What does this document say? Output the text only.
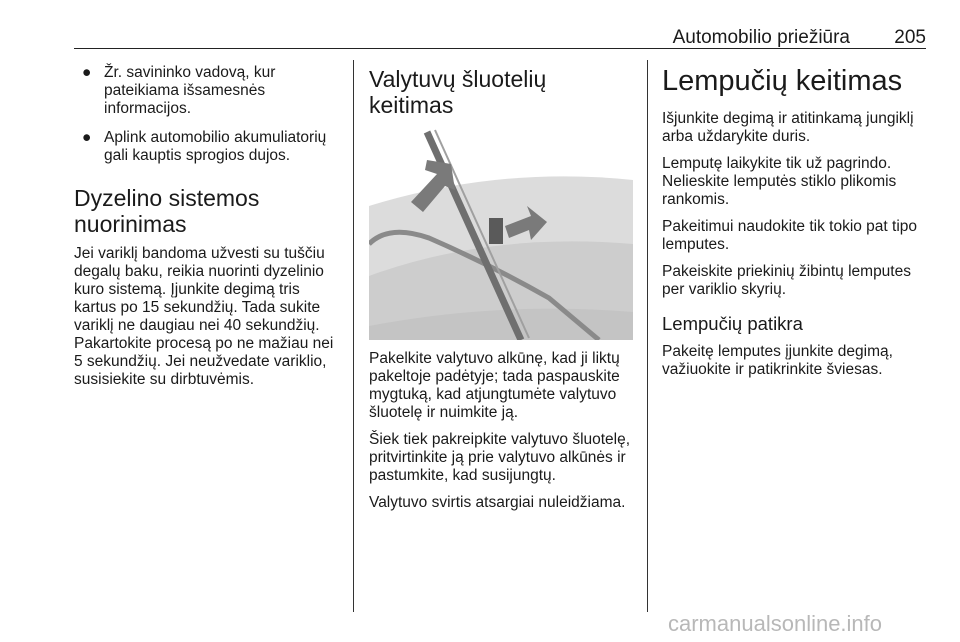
Automobilio priežiūra	205
● Žr. savininko vadovą, kur pateikiama išsamesnės informacijos.
● Aplink automobilio akumuliatorių gali kauptis sprogios dujos.
Dyzelino sistemos nuorinimas

Jei variklį bandoma užvesti su tuščiu degalų baku, reikia nuorinti dyzelinio kuro sistemą. Įjunkite degimą tris kartus po 15 sekundžių. Tada sukite variklį ne daugiau nei 40 sekundžių. Pakartokite procesą po ne mažiau nei 5 sekundžių. Jei neužvedate variklio, susisiekite su dirbtuvėmis.

Valytuvų šluotelių keitimas

Pakelkite valytuvo alkūnę, kad ji liktų pakeltoje padėtyje; tada paspauskite mygtuką, kad atjungtumėte valytuvo šluotelę ir nuimkite ją.

Šiek tiek pakreipkite valytuvo šluotelę, pritvirtinkite ją prie valytuvo alkūnės ir pastumkite, kad susijungtų.

Valytuvo svirtis atsargiai nuleidžiama.

Lempučių keitimas

Išjunkite degimą ir atitinkamą jungiklį arba uždarykite duris.

Lemputę laikykite tik už pagrindo. Nelieskite lemputės stiklo plikomis rankomis.

Pakeitimui naudokite tik tokio pat tipo lemputes.

Pakeiskite priekinių žibintų lemputes per variklio skyrių.

Lempučių patikra

Pakeitę lemputes įjunkite degimą, važiuokite ir patikrinkite šviesas.

carmanualsonline.info
